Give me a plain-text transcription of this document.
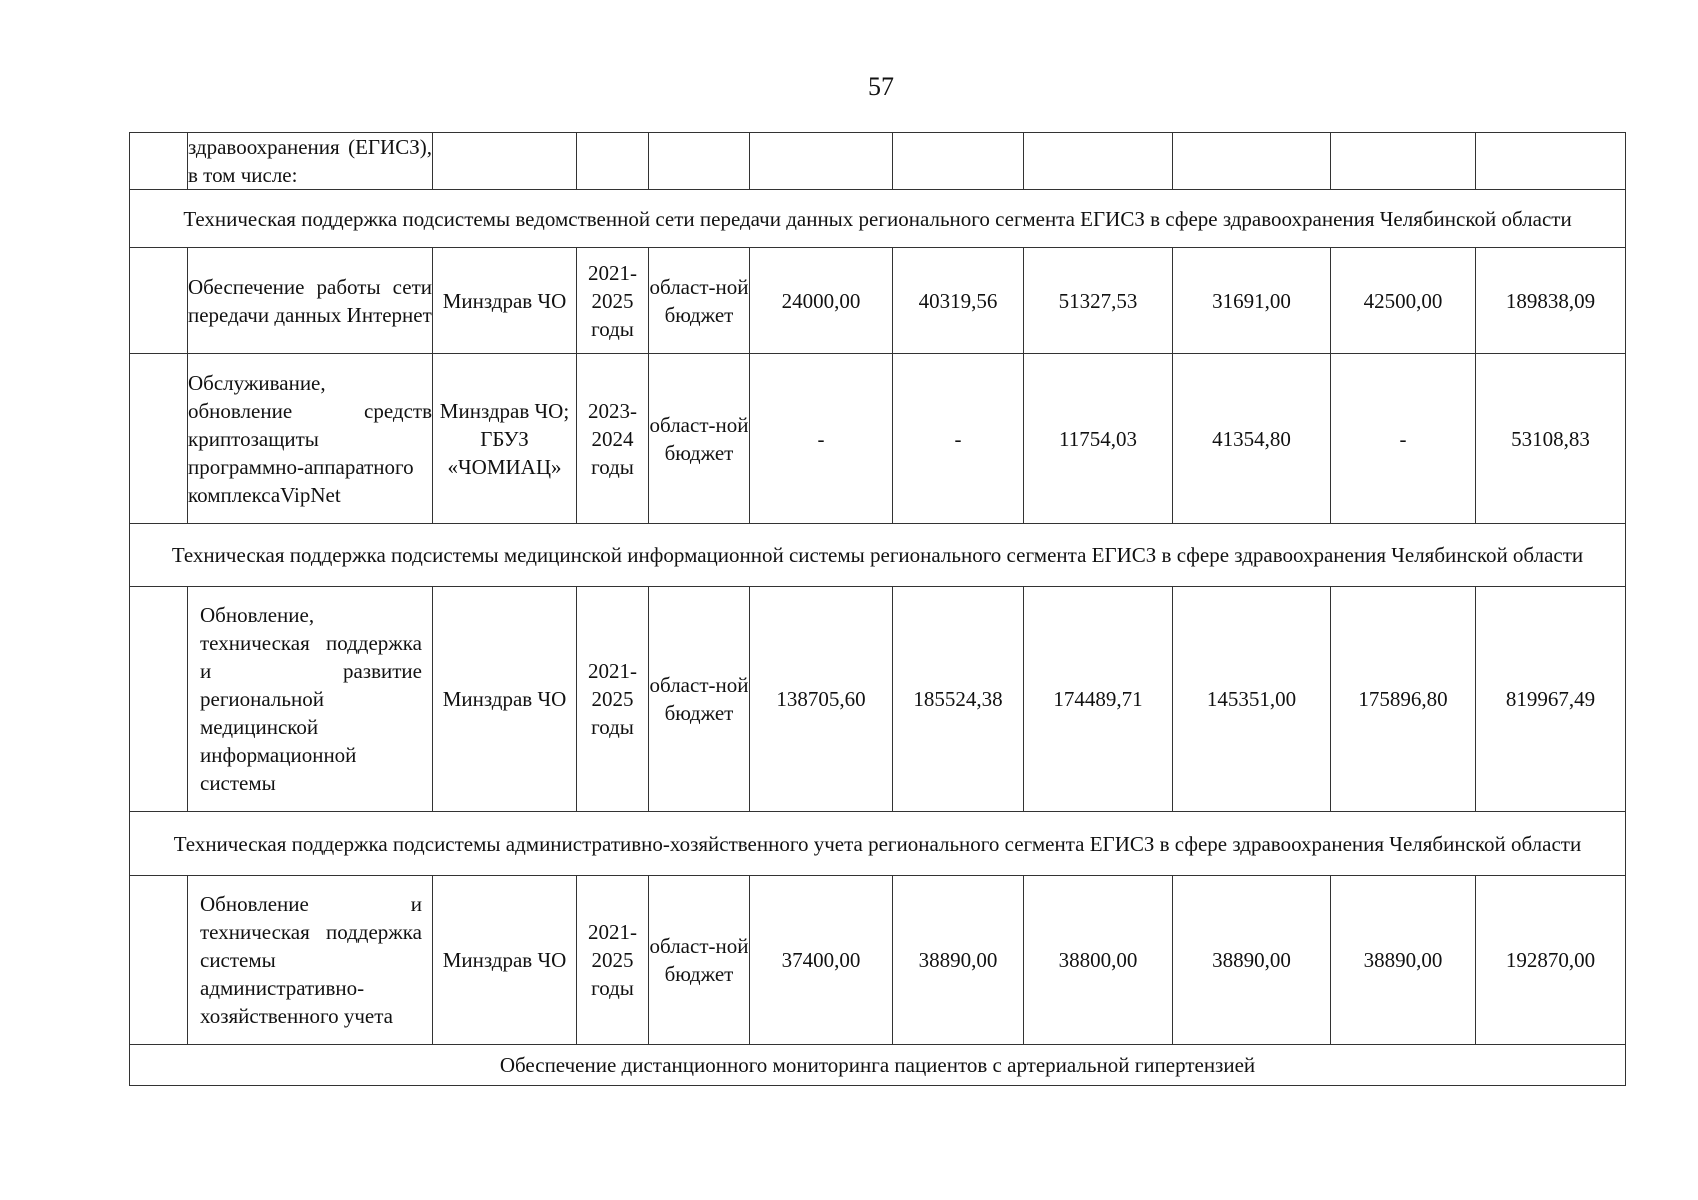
57
	здравоохранения (ЕГИСЗ), в том числе:									
Техническая поддержка подсистемы ведомственной сети передачи данных регионального сегмента ЕГИСЗ в сфере здравоохранения Челябинской области										
	Обеспечение работы сети передачи данных Интернет	Минздрав ЧО	2021-2025 годы	област-ной бюджет	24000,00	40319,56	51327,53	31691,00	42500,00	189838,09
	Обслуживание, обновление средств криптозащиты программно-аппаратного комплексаVipNet	Минздрав ЧО; ГБУЗ «ЧОМИАЦ»	2023-2024 годы	област-ной бюджет	-	-	11754,03	41354,80	-	53108,83
Техническая поддержка подсистемы медицинской информационной системы регионального сегмента ЕГИСЗ в сфере здравоохранения Челябинской области										
	Обновление, техническая поддержка и развитие региональной медицинской информационной системы	Минздрав ЧО	2021-2025 годы	област-ной бюджет	138705,60	185524,38	174489,71	145351,00	175896,80	819967,49
Техническая поддержка подсистемы административно-хозяйственного учета регионального сегмента ЕГИСЗ в сфере здравоохранения Челябинской области										
	Обновление и техническая поддержка системы административно-хозяйственного учета	Минздрав ЧО	2021-2025 годы	област-ной бюджет	37400,00	38890,00	38800,00	38890,00	38890,00	192870,00
Обеспечение дистанционного мониторинга пациентов с артериальной гипертензией										
